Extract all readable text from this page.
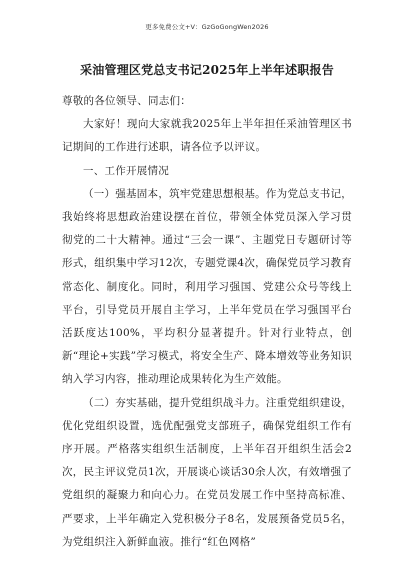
更多免费公文+V：GzGoGongWen2026
采油管理区党总支书记2025年上半年述职报告

尊敬的各位领导、同志们：

大家好！现向大家就我2025年上半年担任采油管理区书记期间的工作进行述职，请各位予以评议。

一、工作开展情况

（一）强基固本，筑牢党建思想根基。作为党总支书记，我始终将思想政治建设摆在首位，带领全体党员深入学习贯彻党的二十大精神。通过“三会一课”、主题党日专题研讨等形式，组织集中学习12次，专题党课4次，确保党员学习教育常态化、制度化。同时，利用学习强国、党建公众号等线上平台，引导党员开展自主学习，上半年党员在学习强国平台活跃度达100%，平均积分显著提升。针对行业特点，创新“理论+实践”学习模式，将安全生产、降本增效等业务知识纳入学习内容，推动理论成果转化为生产效能。

（二）夯实基础，提升党组织战斗力。注重党组织建设，优化党组织设置，选优配强党支部班子，确保党组织工作有序开展。严格落实组织生活制度，上半年召开组织生活会2次，民主评议党员1次，开展谈心谈话30余人次，有效增强了党组织的凝聚力和向心力。在党员发展工作中坚持高标准、严要求，上半年确定入党积极分子8名，发展预备党员5名，为党组织注入新鲜血液。推行“红色网格”
